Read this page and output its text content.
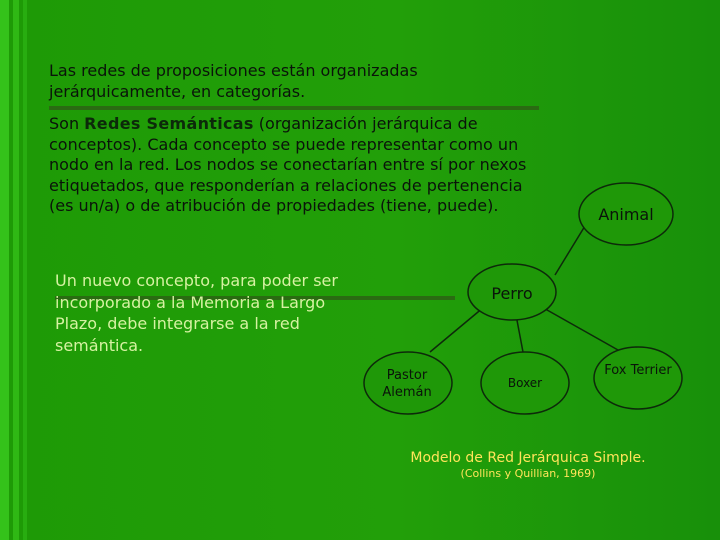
Las redes de proposiciones están organizadas jerárquicamente, en categorías.
Son Redes Semánticas (organización jerárquica de conceptos). Cada concepto se puede representar como un nodo en la red. Los nodos se conectarían entre sí por nexos etiquetados, que responderían a relaciones de pertenencia (es un/a) o de atribución de propiedades (tiene, puede).
Un nuevo concepto, para poder ser incorporado a la Memoria a Largo Plazo, debe integrarse a la red semántica.
Animal
Perro
Pastor Alemán
Boxer
Fox Terrier
Modelo de Red Jerárquica Simple.
(Collins y Quillian, 1969)
